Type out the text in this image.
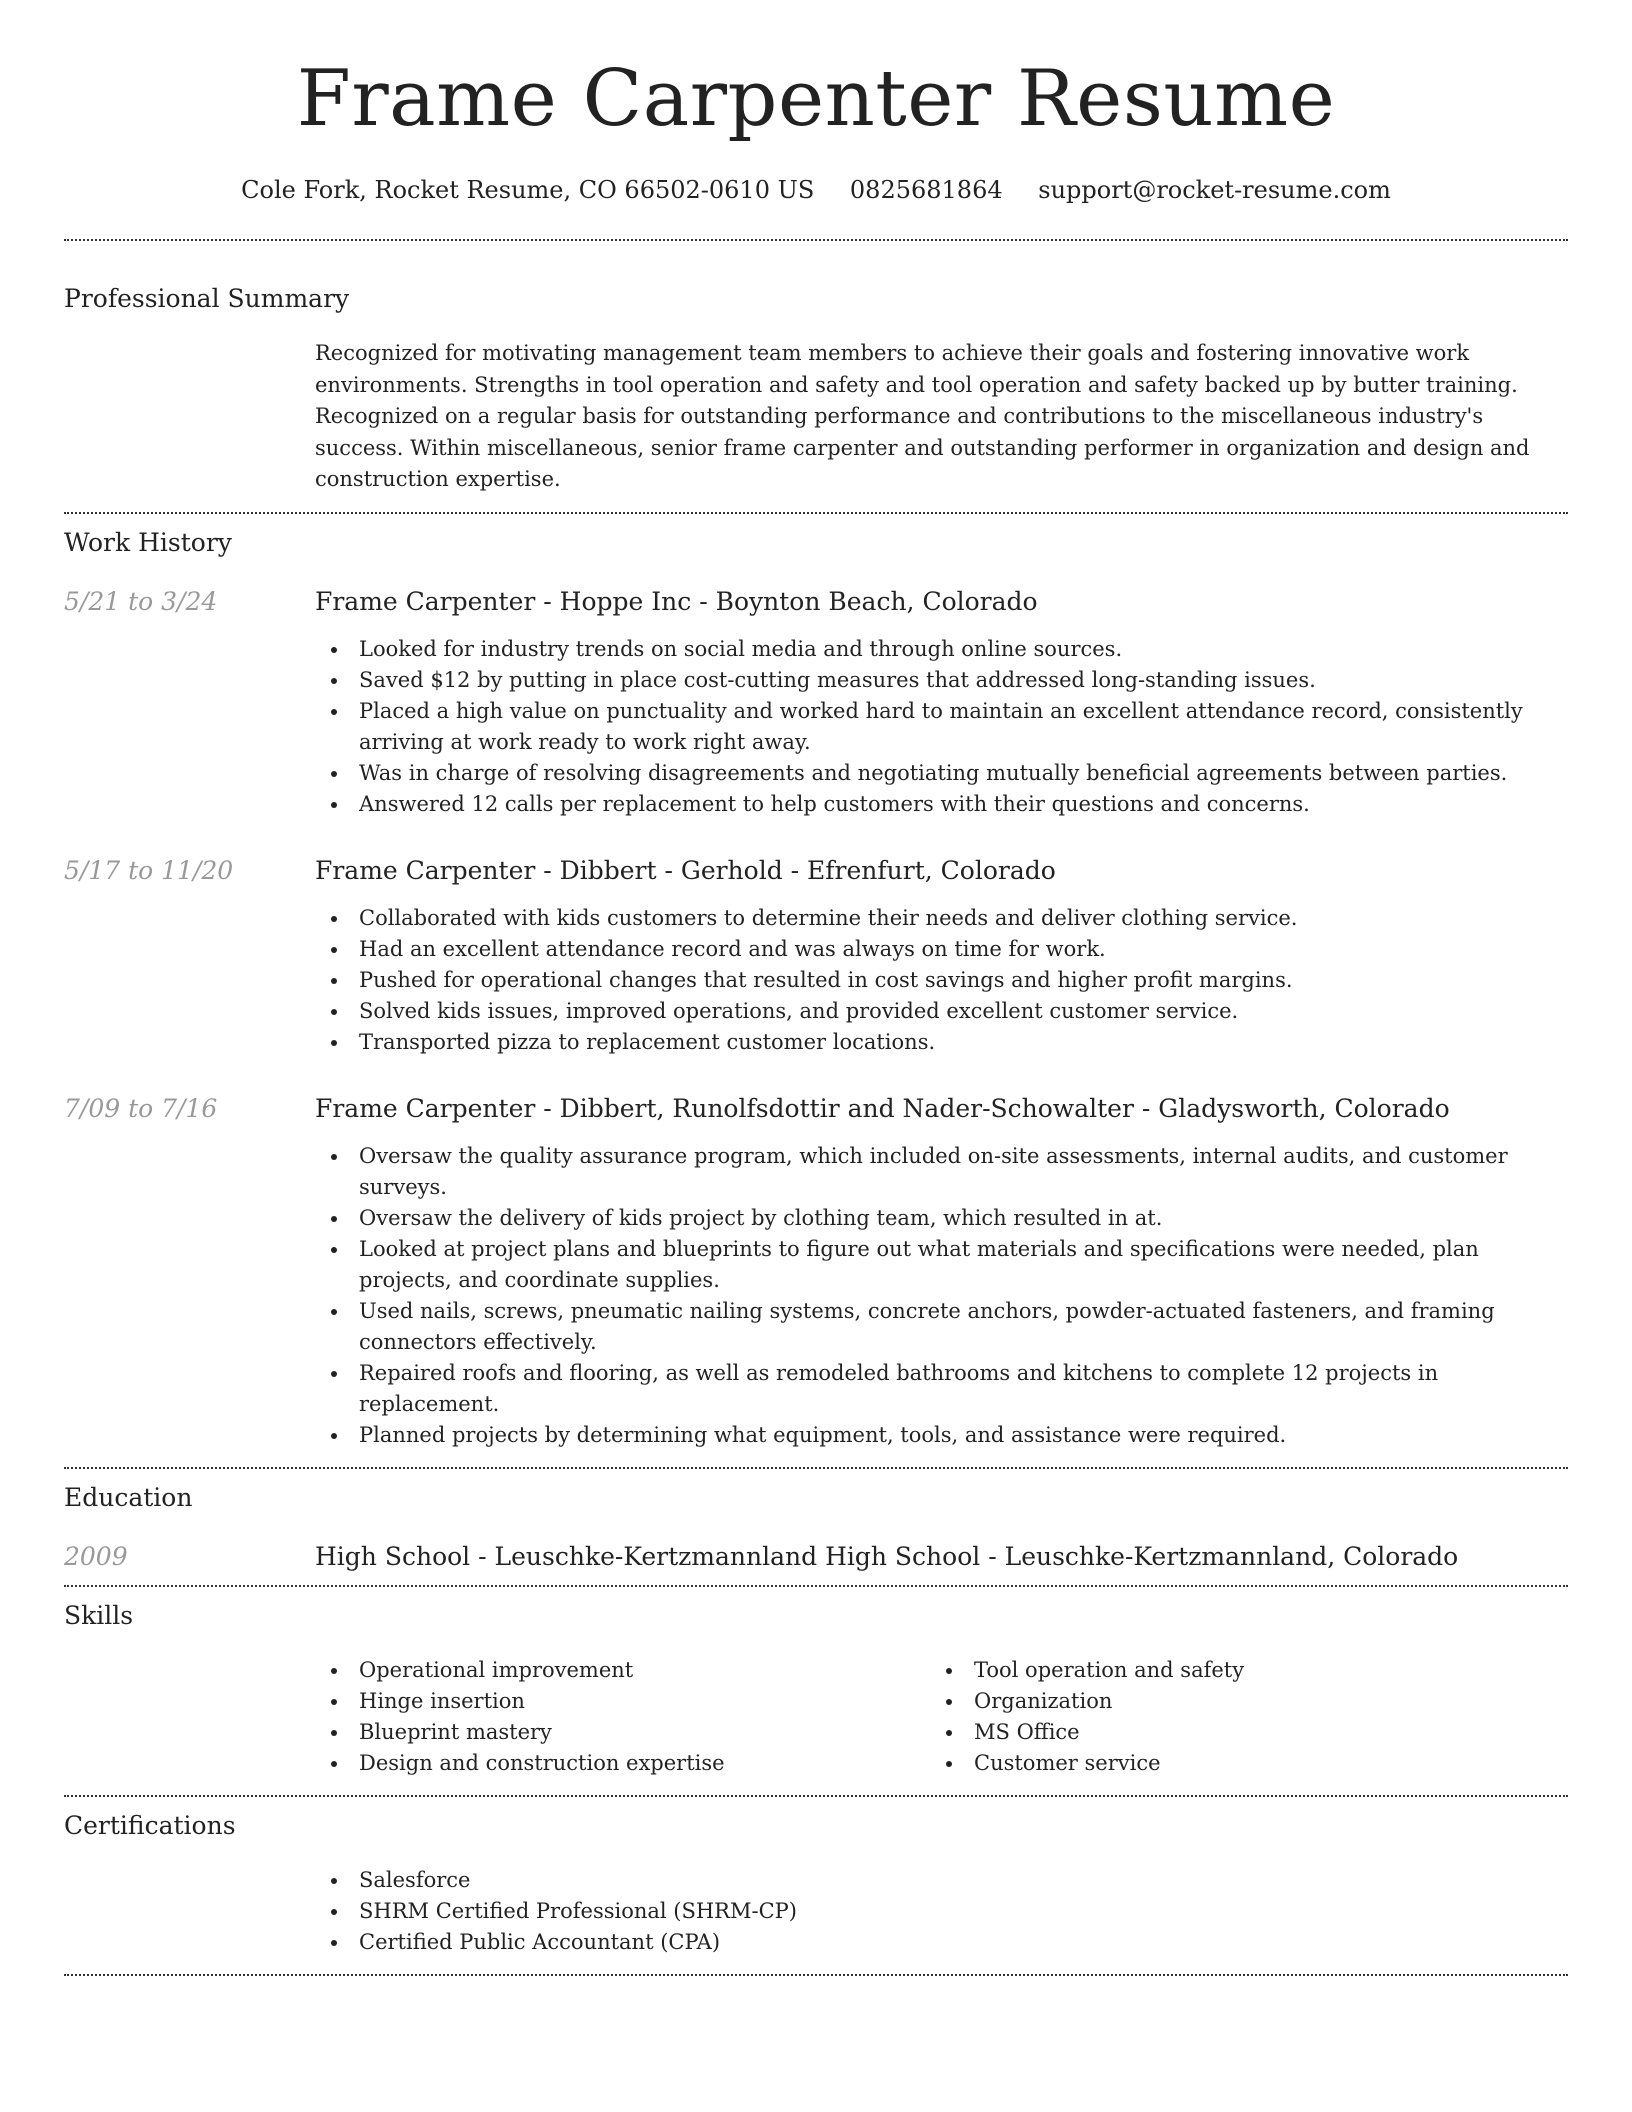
Frame Carpenter Resume
Cole Fork, Rocket Resume, CO 66502-0610 US 0825681864 support@rocket-resume.com
Professional Summary

Recognized for motivating management team members to achieve their goals and fostering innovative work environments. Strengths in tool operation and safety and tool operation and safety backed up by butter training. Recognized on a regular basis for outstanding performance and contributions to the miscellaneous industry's success. Within miscellaneous, senior frame carpenter and outstanding performer in organization and design and construction expertise.

Work History
5/21 to 3/24	Frame Carpenter - Hoppe Inc - Boynton Beach, Colorado
Looked for industry trends on social media and through online sources.
Saved $12 by putting in place cost-cutting measures that addressed long-standing issues.
Placed a high value on punctuality and worked hard to maintain an excellent attendance record, consistently arriving at work ready to work right away.
Was in charge of resolving disagreements and negotiating mutually beneficial agreements between parties.
Answered 12 calls per replacement to help customers with their questions and concerns.
5/17 to 11/20	Frame Carpenter - Dibbert - Gerhold - Efrenfurt, Colorado
Collaborated with kids customers to determine their needs and deliver clothing service.
Had an excellent attendance record and was always on time for work.
Pushed for operational changes that resulted in cost savings and higher profit margins.
Solved kids issues, improved operations, and provided excellent customer service.
Transported pizza to replacement customer locations.
7/09 to 7/16	Frame Carpenter - Dibbert, Runolfsdottir and Nader-Schowalter - Gladysworth, Colorado
Oversaw the quality assurance program, which included on-site assessments, internal audits, and customer surveys.
Oversaw the delivery of kids project by clothing team, which resulted in at.
Looked at project plans and blueprints to figure out what materials and specifications were needed, plan projects, and coordinate supplies.
Used nails, screws, pneumatic nailing systems, concrete anchors, powder-actuated fasteners, and framing connectors effectively.
Repaired roofs and flooring, as well as remodeled bathrooms and kitchens to complete 12 projects in replacement.
Planned projects by determining what equipment, tools, and assistance were required.
Education
2009	High School - Leuschke-Kertzmannland High School - Leuschke-Kertzmannland, Colorado
Skills
Operational improvement
Hinge insertion
Blueprint mastery
Design and construction expertise
Tool operation and safety
Organization
MS Office
Customer service
Certifications
Salesforce
SHRM Certified Professional (SHRM-CP)
Certified Public Accountant (CPA)
